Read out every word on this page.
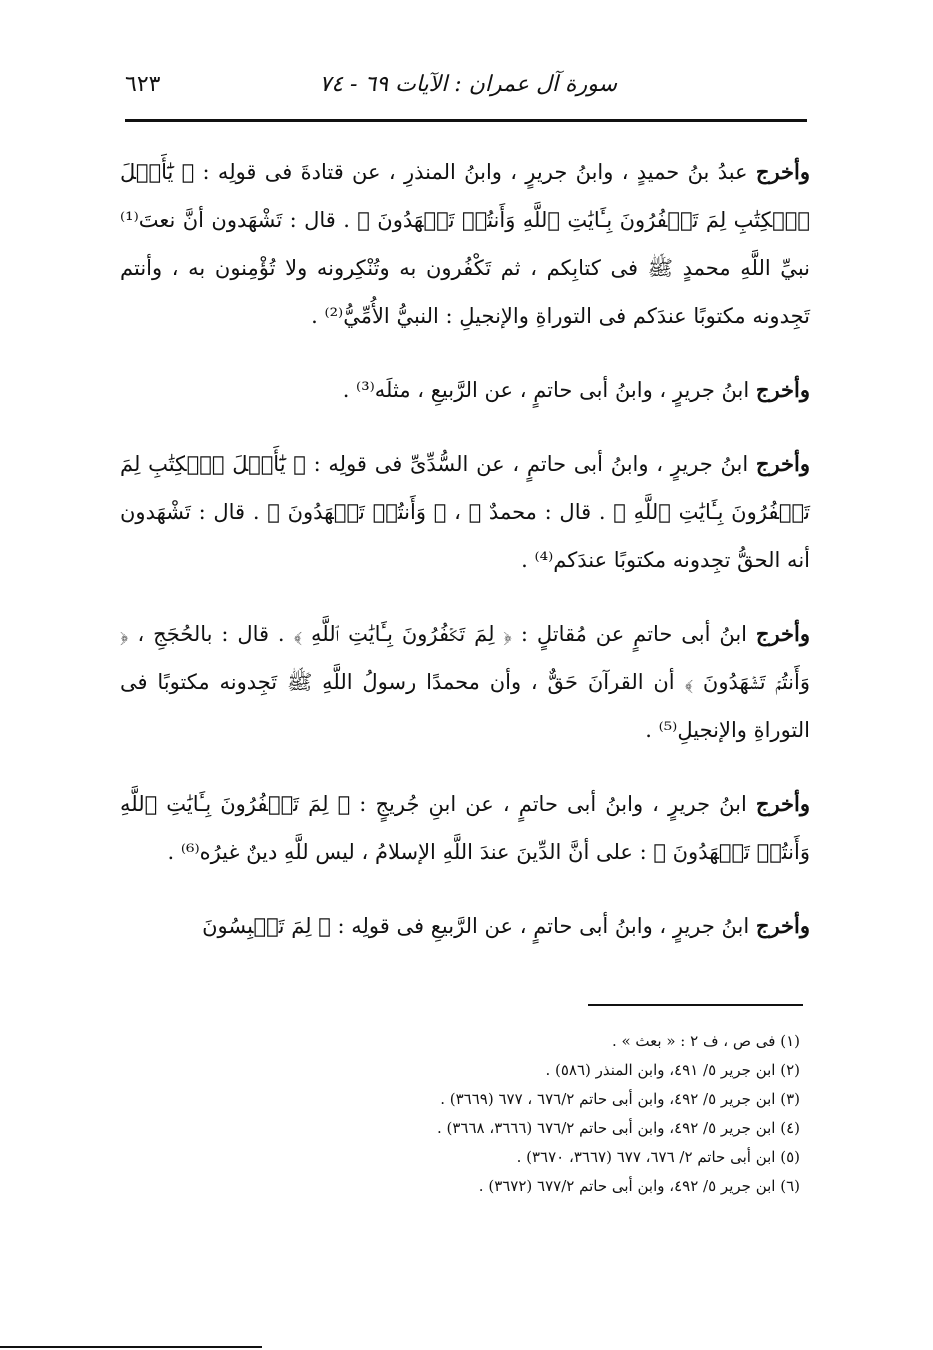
سورة آل عمران : الآيات ٦٩ - ٧٤
٦٢٣

وأخرج عبدُ بنُ حميدٍ ، وابنُ جريرٍ ، وابنُ المنذرِ ، عن قتادةَ فى قولِه : ﴿ يَٰٓأَهۡلَ ٱلۡكِتَٰبِ لِمَ تَكۡفُرُونَ بِـَٔايَٰتِ ٱللَّهِ وَأَنتُمۡ تَشۡهَدُونَ ﴾ . قال : تَشْهَدون أنَّ نعتَ⁽¹⁾ نبيِّ اللَّهِ محمدٍ ﷺ فى كتابِكم ، ثم تَكْفُرون به وتُنْكِرونه ولا تُؤْمِنون به ، وأنتم تَجِدونه مكتوبًا عندَكم فى التوراةِ والإنجيلِ : النبيُّ الأُمِّيُّ⁽²⁾ .

وأخرج ابنُ جريرٍ ، وابنُ أبى حاتمٍ ، عن الرَّبيعِ ، مثلَه⁽³⁾ .

وأخرج ابنُ جريرٍ ، وابنُ أبى حاتمٍ ، عن السُّدِّىِّ فى قولِه : ﴿ يَٰٓأَهۡلَ ٱلۡكِتَٰبِ لِمَ تَكۡفُرُونَ بِـَٔايَٰتِ ٱللَّهِ ﴾ . قال : محمدٌ ﷺ ، ﴿ وَأَنتُمۡ تَشۡهَدُونَ ﴾ . قال : تَشْهَدون أنه الحقُّ تجِدونه مكتوبًا عندَكم⁽⁴⁾ .

وأخرج ابنُ أبى حاتمٍ عن مُقاتلٍ : ﴿ لِمَ تَكۡفُرُونَ بِـَٔايَٰتِ ٱللَّهِ ﴾ . قال : بالحُجَجِ ، ﴿ وَأَنتُمۡ تَشۡهَدُونَ ﴾ أن القرآنَ حَقٌّ ، وأن محمدًا رسولُ اللَّهِ ﷺ تَجِدونه مكتوبًا فى التوراةِ والإنجيلِ⁽⁵⁾ .

وأخرج ابنُ جريرٍ ، وابنُ أبى حاتمٍ ، عن ابنِ جُريجٍ : ﴿ لِمَ تَكۡفُرُونَ بِـَٔايَٰتِ ٱللَّهِ وَأَنتُمۡ تَشۡهَدُونَ ﴾ : على أنَّ الدِّينَ عندَ اللَّهِ الإسلامُ ، ليس للَّهِ دينٌ غيرُه⁽⁶⁾ .

وأخرج ابنُ جريرٍ ، وابنُ أبى حاتمٍ ، عن الرَّبيعِ فى قولِه : ﴿ لِمَ تَلۡبِسُونَ

(١) فى ص ، ف ٢ : « بعث » .

(٢) ابن جرير ٥/ ٤٩١، وابن المنذر (٥٨٦) .

(٣) ابن جرير ٥/ ٤٩٢، وابن أبى حاتم ٦٧٦/٢ ، ٦٧٧ (٣٦٦٩) .

(٤) ابن جرير ٥/ ٤٩٢، وابن أبى حاتم ٦٧٦/٢ (٣٦٦٦، ٣٦٦٨) .

(٥) ابن أبى حاتم ٢/ ٦٧٦، ٦٧٧ (٣٦٦٧، ٣٦٧٠) .

(٦) ابن جرير ٥/ ٤٩٢، وابن أبى حاتم ٦٧٧/٢ (٣٦٧٢) .
